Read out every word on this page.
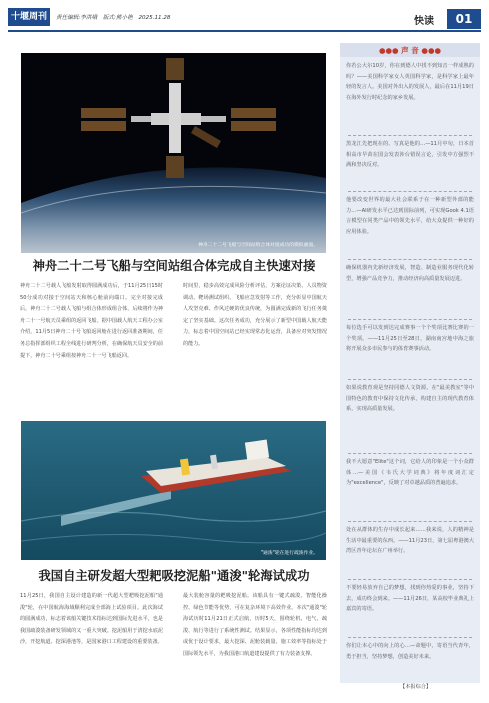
十堰周刊	责任编辑:李洪娥 版式:熊小艳 2025.11.28	快读	01
神舟二十二号飞船与空间站组合体对接成功的模拟画面。
神舟二十二号飞船与空间站组合体完成自主快速对接
神舟二十二号载人飞船发射取得圆满成功后，于11月25日15时50分成功对接于空间站天和核心舱前向端口。完全对接完成后，神舟二十二号载人飞船与组合体形成组合体，后续将作为神舟二十一号航天员乘组的返回飞船。据中国载人航天工程办公室介绍，11月5日神舟二十号飞船返回舱在进行返回准备期间，任务总指挥部组织工程全线进行研判分析，在确保航天员安全的前提下，神舟二十号乘组按神舟二十一号飞船返回。
时间里，稳步高效完成风险分析评估，方案论证决策、人员物资调动、靶场测试组织、飞船应急发射等工作，充分彰显中国航天人攻坚克难、作风过硬的优良传统，为圆满完成新的飞行任务奠定了坚实基础。这次任务成功，充分展示了新型中国载人航天能力，标志着中国空间站已经实现常态化运营，具备应对突发情况的能力。
"通浚"轮在进行疏浚作业。
我国自主研发超大型耙吸挖泥船"通浚"轮海试成功
11月25日，我国自主设计建造的新一代超大型耙吸挖泥船"通浚"轮，在中国航海海域顺利完成全部海上试验项目。此次海试的圆满成功，标志着该船关键技术指标达到国际先进水平，也是我国疏浚装备研发领域的又一重大突破。挖泥船用于清挖水底泥沙，开挖航道、挖深港池等，是国家港口工程建设的重要装备。
最大装舱容量的耙吸挖泥船。该船具有一键式疏浚、智能化操控、绿色节能等优势，可在复杂环境下高效作业。本次"通浚"轮海试历时11月21日正式启航，历时5天，围绕轮机、电气、疏浚、航行等进行了系统性测试。结果显示，各项性能指标均达到或优于设计要求，最大挖深、泥舱装载量、施工效率等指标处于国际领先水平，为我国港口航道建设提供了有力装备支撑。
●●● 声 音 ●●●
你若公大尔10岁，你在到德人中找不到知音一样成熟的吗？——美国科学家女人英国科学家，是科学家上最年轻的发言人。美国对外出入的发展人，最后在11月19日在海外发行时纪念的家乡发展。
黑龙江先把现在的、写真是他的…—11月中旬，日本首相高市早苗在国会发表涉台错误言论，引发中方强烈不满和坚决反对。
他要改变世界的最大社会联系于在一种新型外部的能力…—AI研发水平已达到国际前列，可实现Gook 4.1语言模型在同类产品中的领先水平，给大众提供一种好的应用体验。
确保机器内先新经济发展，智造、制造业服务现代化转型，增强产品竞争力，推动经济向高质量发展迈进。
每位选手可以发到达完成赛事一个个奖项比赛比赛的一个奖项。——11月25日至28日，湖南南宫地中海之旅将开展众多市民参与的体育赛事活动。
如果说教育观是坚持同德人文资源，在"最美教室"等中国特色的教育中保持文化传承，构建自主的现代教育体系，实现高质量发展。
我不大愿意"Elite"这个词，它给人的印象是一个小众群体…—美国《韦氏大学词典》将年度词汇定为"excellence"，反映了对卓越品质的普遍追求。
处在从群体的生存中成长起来……我来说，人的精神是生活中最重要的东西。——11月23日，第七届粤港澳大湾区青年论坛在广州举行。
不要轻易放弃自己的梦想，找到你热爱的事业，坚持下去，成功终会到来。——11月26日，某高校毕业典礼上嘉宾的寄语。
你们让本心中的向上的心…—命题中，寄语当代青年，勇于担当，坚持梦想，创造美好未来。
【本报综合】
